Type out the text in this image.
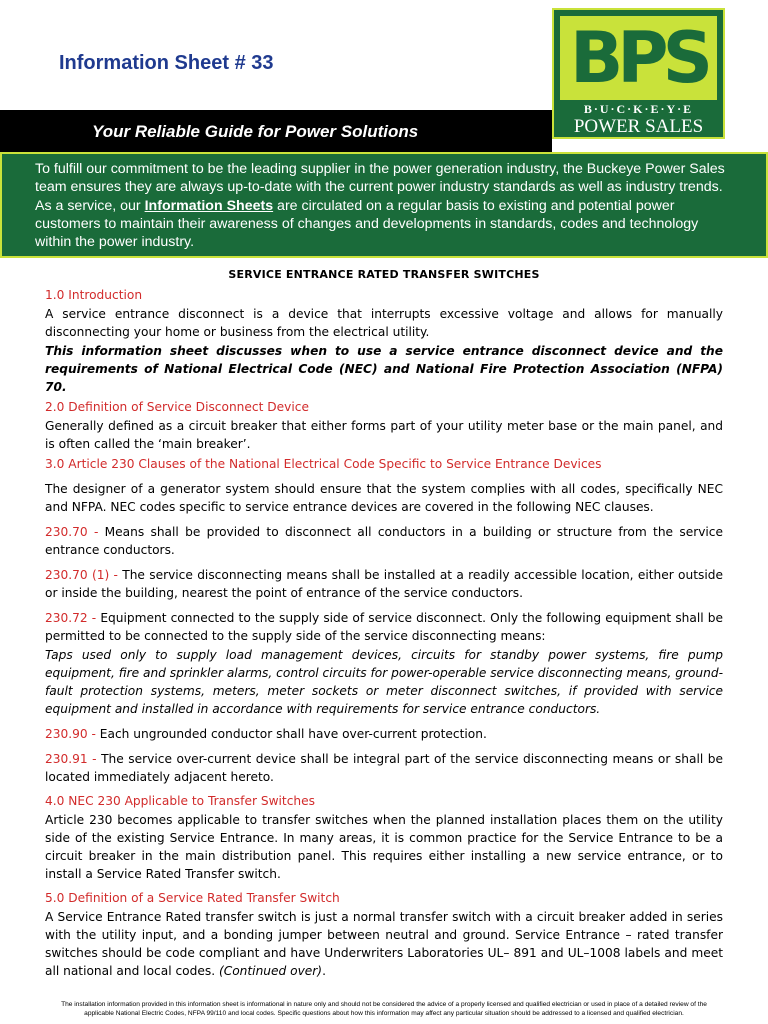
Information Sheet # 33	BPS
B·U·C·K·E·Y·E
POWER SALES
Your Reliable Guide for Power Solutions
To fulfill our commitment to be the leading supplier in the power generation industry, the Buckeye Power Sales team ensures they are always up-to-date with the current power industry standards as well as industry trends. As a service, our Information Sheets are circulated on a regular basis to existing and potential power customers to maintain their awareness of changes and developments in standards, codes and technology within the power industry.
SERVICE ENTRANCE RATED TRANSFER SWITCHES
1.0 Introduction
A service entrance disconnect is a device that interrupts excessive voltage and allows for manually disconnecting your home or business from the electrical utility.
This information sheet discusses when to use a service entrance disconnect device and the requirements of National Electrical Code (NEC) and National Fire Protection Association (NFPA) 70.
2.0 Definition of Service Disconnect Device
Generally defined as a circuit breaker that either forms part of your utility meter base or the main panel, and is often called the ‘main breaker’.
3.0 Article 230 Clauses of the National Electrical Code Specific to Service Entrance Devices
The designer of a generator system should ensure that the system complies with all codes, specifically NEC and NFPA. NEC codes specific to service entrance devices are covered in the following NEC clauses.
230.70 - Means shall be provided to disconnect all conductors in a building or structure from the service entrance conductors.
230.70 (1) - The service disconnecting means shall be installed at a readily accessible location, either outside or inside the building, nearest the point of entrance of the service conductors.
230.72 - Equipment connected to the supply side of service disconnect. Only the following equipment shall be permitted to be connected to the supply side of the service disconnecting means:
Taps used only to supply load management devices, circuits for standby power systems, fire pump equipment, fire and sprinkler alarms, control circuits for power-operable service disconnecting means, ground-fault protection systems, meters, meter sockets or meter disconnect switches, if provided with service equipment and installed in accordance with requirements for service entrance conductors.
230.90 - Each ungrounded conductor shall have over-current protection.
230.91 - The service over-current device shall be integral part of the service disconnecting means or shall be located immediately adjacent hereto.
4.0 NEC 230 Applicable to Transfer Switches
Article 230 becomes applicable to transfer switches when the planned installation places them on the utility side of the existing Service Entrance. In many areas, it is common practice for the Service Entrance to be a circuit breaker in the main distribution panel. This requires either installing a new service entrance, or to install a Service Rated Transfer switch.
5.0 Definition of a Service Rated Transfer Switch
A Service Entrance Rated transfer switch is just a normal transfer switch with a circuit breaker added in series with the utility input, and a bonding jumper between neutral and ground. Service Entrance – rated transfer switches should be code compliant and have Underwriters Laboratories UL– 891 and UL–1008 labels and meet all national and local codes. (Continued over).
The installation information provided in this information sheet is informational in nature only and should not be considered the advice of a properly licensed and qualified electrician or used in place of a detailed review of the
applicable National Electric Codes, NFPA 99/110 and local codes. Specific questions about how this information may affect any particular situation should be addressed to a licensed and qualified electrician.
